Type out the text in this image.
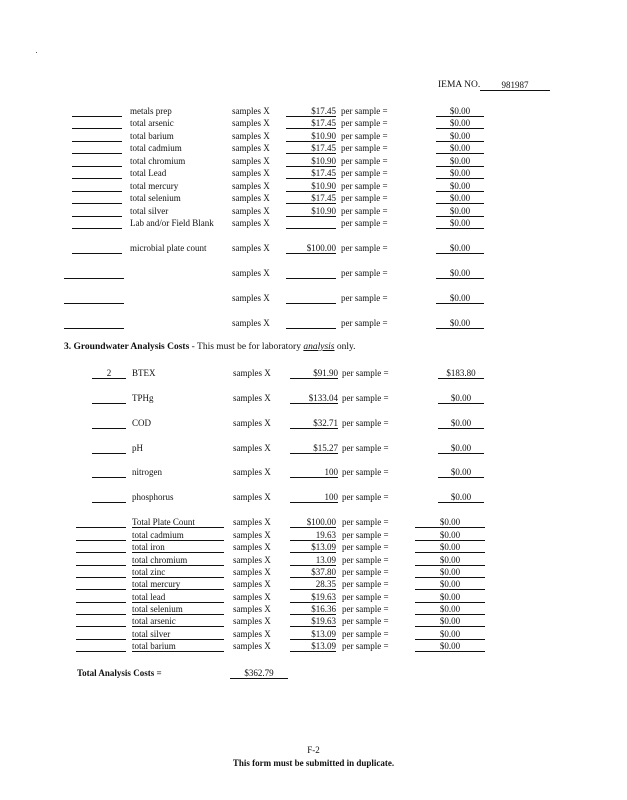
IEMA NO.	981987
metals prep	samples X	$17.45 per sample =	$0.00
total arsenic	samples X	$17.45 per sample =	$0.00
total barium	samples X	$10.90 per sample =	$0.00
total cadmium	samples X	$17.45 per sample =	$0.00
total chromium	samples X	$10.90 per sample =	$0.00
total Lead	samples X	$17.45 per sample =	$0.00
total mercury	samples X	$10.90 per sample =	$0.00
total selenium	samples X	$17.45 per sample =	$0.00
total silver	samples X	$10.90 per sample =	$0.00
Lab and/or Field Blank	samples X	per sample =	$0.00
microbial plate count	samples X	$100.00 per sample =	$0.00
samples X	per sample =	$0.00
samples X	per sample =	$0.00
samples X	per sample =	$0.00
3. Groundwater Analysis Costs - This must be for laboratory analysis only.
2	BTEX	samples X	$91.90 per sample =	$183.80
TPHg	samples X	$133.04 per sample =	$0.00
COD	samples X	$32.71 per sample =	$0.00
pH	samples X	$15.27 per sample =	$0.00
nitrogen	samples X	100 per sample =	$0.00
phosphorus	samples X	100 per sample =	$0.00
Total Plate Count	samples X	$100.00 per sample =	$0.00
total cadmium	samples X	19.63 per sample =	$0.00
total iron	samples X	$13.09 per sample =	$0.00
total chromium	samples X	13.09 per sample =	$0.00
total zinc	samples X	$37.80 per sample =	$0.00
total mercury	samples X	28.35 per sample =	$0.00
total lead	samples X	$19.63 per sample =	$0.00
total selenium	samples X	$16.36 per sample =	$0.00
total arsenic	samples X	$19.63 per sample =	$0.00
total silver	samples X	$13.09 per sample =	$0.00
total barium	samples X	$13.09 per sample =	$0.00
Total Analysis Costs =	$362.79
F-2
This form must be submitted in duplicate.
